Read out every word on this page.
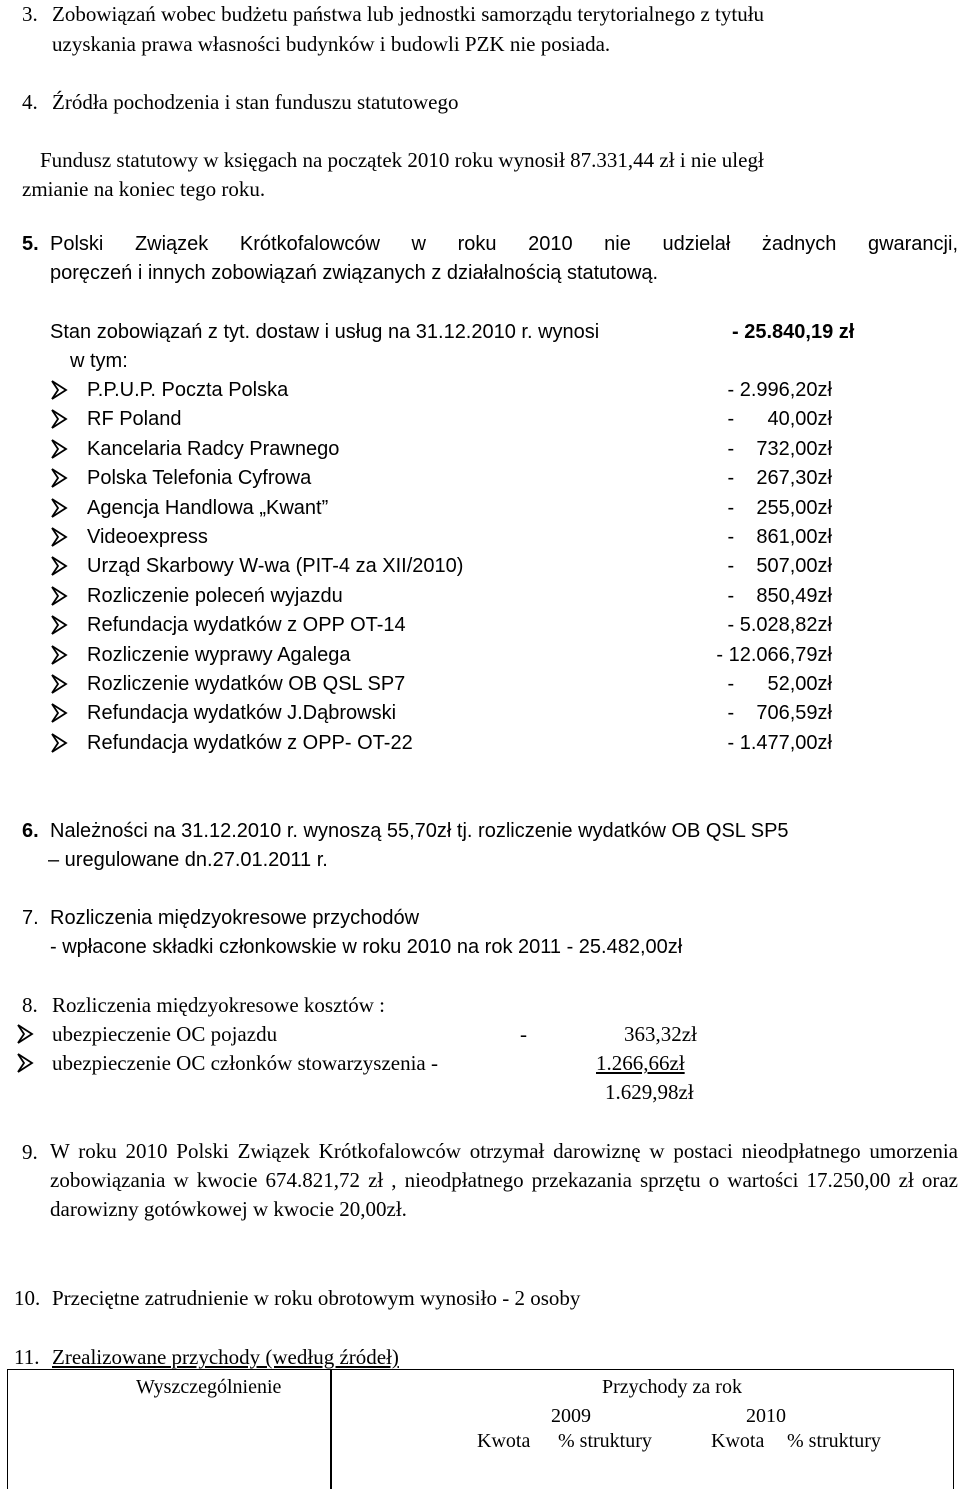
3. Zobowiązań wobec budżetu państwa lub jednostki samorządu terytorialnego z tytułu
uzyskania prawa własności budynków i budowli PZK nie posiada.
4. Źródła pochodzenia i stan funduszu statutowego
Fundusz statutowy w księgach na początek 2010 roku wynosił 87.331,44 zł i nie uległ
zmianie na koniec tego roku.
5. Polski Związek Krótkofalowców w roku 2010 nie udzielał żadnych gwarancji,
poręczeń i innych zobowiązań związanych z działalnością statutową.
Stan zobowiązań z tyt. dostaw i usług na 31.12.2010 r. wynosi	- 25.840,19 zł
w tym:
P.P.U.P. Poczta Polska	- 2.996,20zł
RF Poland	-      40,00zł
Kancelaria Radcy Prawnego	-    732,00zł
Polska Telefonia Cyfrowa	-    267,30zł
Agencja Handlowa „Kwant”	-    255,00zł
Videoexpress	-    861,00zł
Urząd Skarbowy W-wa (PIT-4 za XII/2010)	-    507,00zł
Rozliczenie poleceń wyjazdu	-    850,49zł
Refundacja wydatków z OPP OT-14	- 5.028,82zł
Rozliczenie wyprawy Agalega	- 12.066,79zł
Rozliczenie wydatków OB QSL SP7	-      52,00zł
Refundacja wydatków J.Dąbrowski	-    706,59zł
Refundacja wydatków z OPP- OT-22	- 1.477,00zł
6. Należności na 31.12.2010 r. wynoszą 55,70zł tj. rozliczenie wydatków OB QSL SP5
– uregulowane dn.27.01.2011 r.
7. Rozliczenia międzyokresowe przychodów
- wpłacone składki członkowskie w roku 2010 na rok 2011 - 25.482,00zł
8. Rozliczenia międzyokresowe kosztów :
ubezpieczenie OC pojazdu	-	363,32zł
ubezpieczenie OC członków stowarzyszenia -	1.266,66zł
1.629,98zł
9. W roku 2010 Polski Związek Krótkofalowców otrzymał darowiznę w postaci nieodpłatnego umorzenia zobowiązania w kwocie 674.821,72 zł , nieodpłatnego przekazania sprzętu o wartości 17.250,00 zł oraz darowizny gotówkowej w kwocie 20,00zł.
10. Przeciętne zatrudnienie w roku obrotowym wynosiło - 2 osoby
11. Zrealizowane przychody (według źródeł)
Wyszczególnienie	Przychody za rok
2009	2010
Kwota % struktury	Kwota % struktury
